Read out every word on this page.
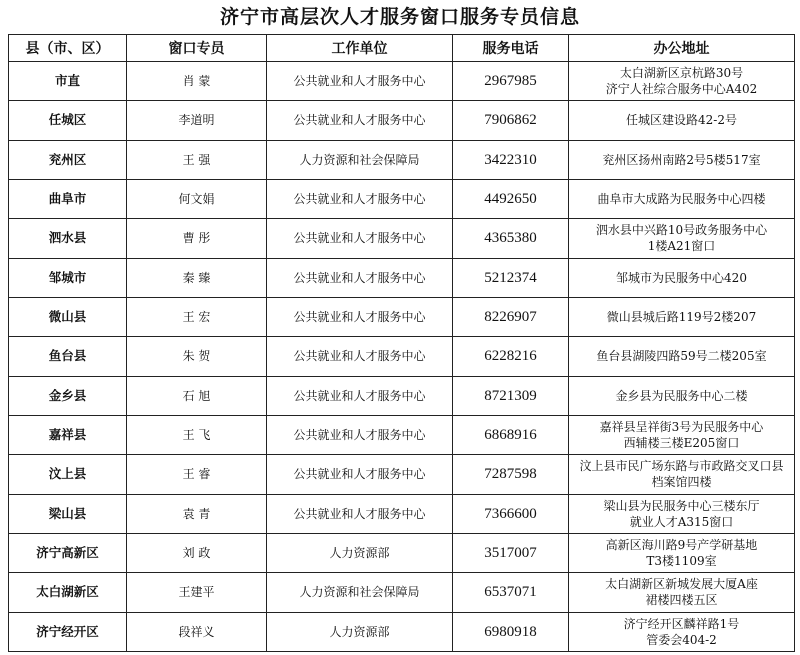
济宁市高层次人才服务窗口服务专员信息
县（市、区）	窗口专员	工作单位	服务电话	办公地址
市直	肖 蒙	公共就业和人才服务中心	2967985	太白湖新区京杭路30号
济宁人社综合服务中心A402

任城区	李道明	公共就业和人才服务中心	7906862	任城区建设路42-2号

兖州区	王 强	人力资源和社会保障局	3422310	兖州区扬州南路2号5楼517室

曲阜市	何文娟	公共就业和人才服务中心	4492650	曲阜市大成路为民服务中心四楼

泗水县	曹 彤	公共就业和人才服务中心	4365380	泗水县中兴路10号政务服务中心
1楼A21窗口

邹城市	秦 臻	公共就业和人才服务中心	5212374	邹城市为民服务中心420

微山县	王 宏	公共就业和人才服务中心	8226907	微山县城后路119号2楼207

鱼台县	朱 贺	公共就业和人才服务中心	6228216	鱼台县湖陵四路59号二楼205室

金乡县	石 旭	公共就业和人才服务中心	8721309	金乡县为民服务中心二楼

嘉祥县	王 飞	公共就业和人才服务中心	6868916	嘉祥县呈祥街3号为民服务中心
西辅楼三楼E205窗口

汶上县	王 睿	公共就业和人才服务中心	7287598	汶上县市民广场东路与市政路交叉口县
档案馆四楼

梁山县	袁 青	公共就业和人才服务中心	7366600	梁山县为民服务中心三楼东厅
就业人才A315窗口

济宁高新区	刘 政	人力资源部	3517007	高新区海川路9号产学研基地
T3楼1109室

太白湖新区	王建平	人力资源和社会保障局	6537071	太白湖新区新城发展大厦A座
裙楼四楼五区

济宁经开区	段祥义	人力资源部	6980918	济宁经开区麟祥路1号
管委会404-2
